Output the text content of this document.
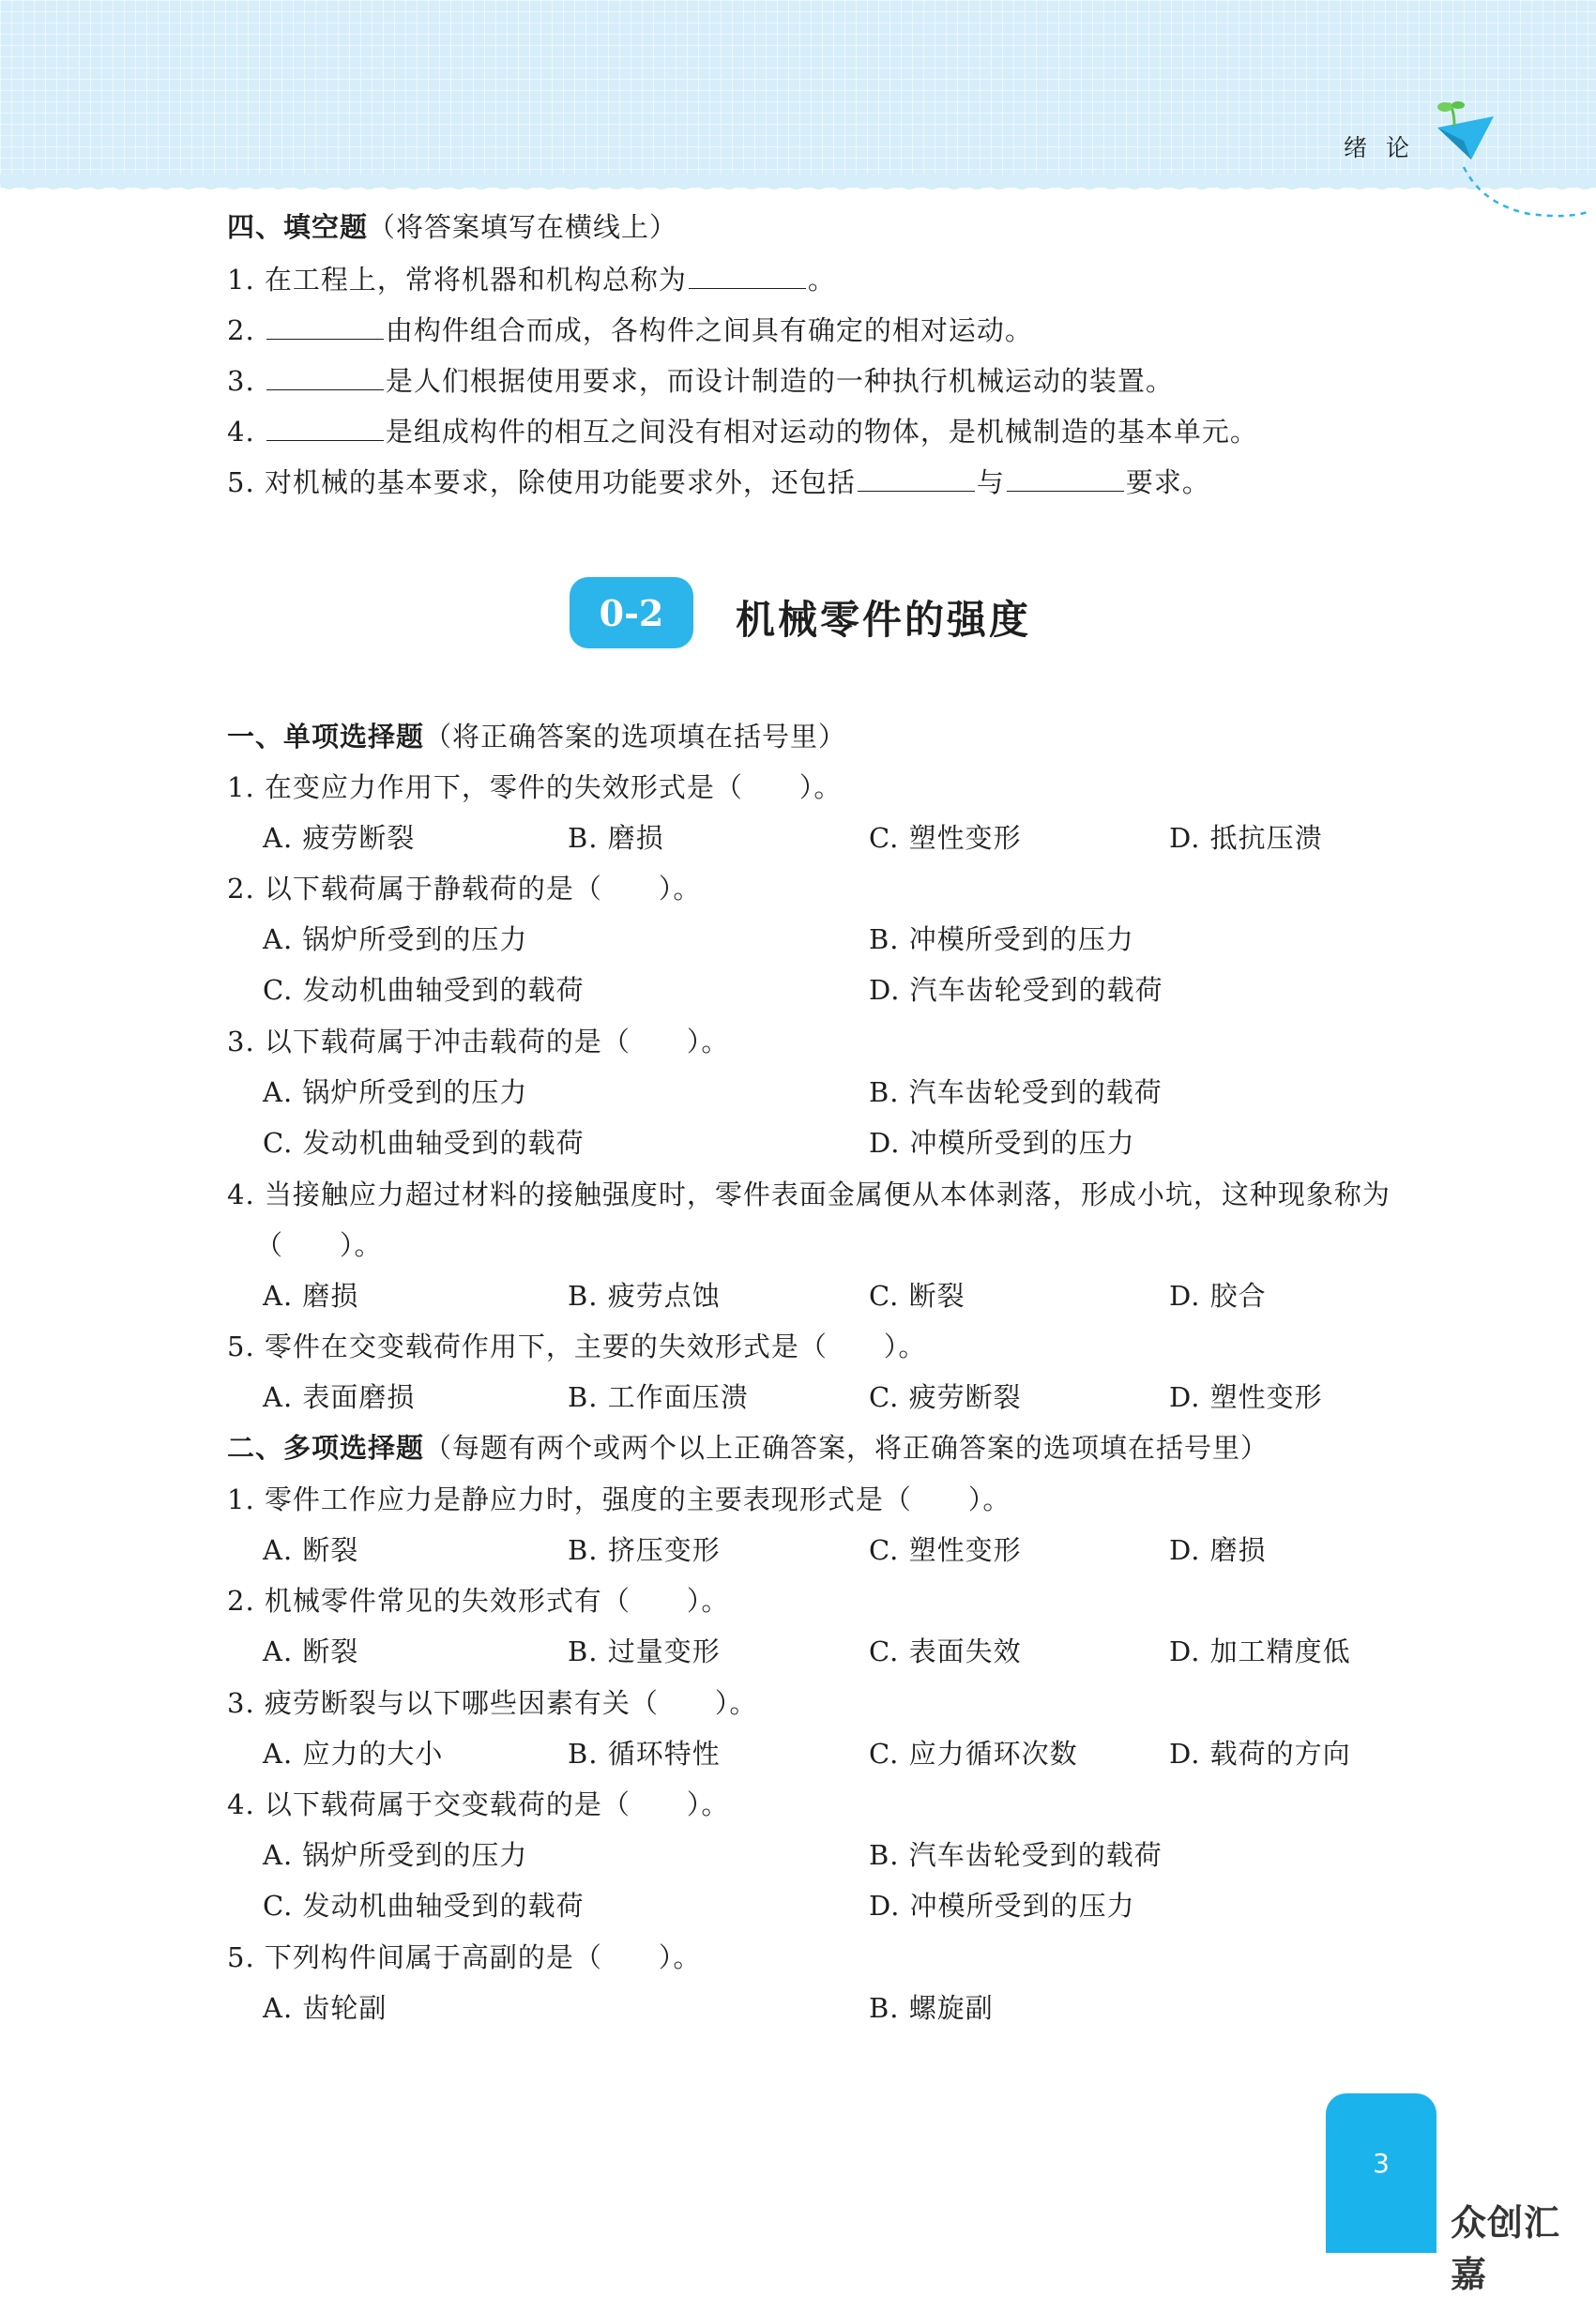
绪 论
四、填空题（将答案填写在横线上）
1. 在工程上，常将机器和机构总称为	。
2.	由构件组合而成，各构件之间具有确定的相对运动。
3.	是人们根据使用要求，而设计制造的一种执行机械运动的装置。
4.	是组成构件的相互之间没有相对运动的物体，是机械制造的基本单元。
5. 对机械的基本要求，除使用功能要求外，还包括	与	要求。
0-2	机械零件的强度
一、单项选择题（将正确答案的选项填在括号里）
1. 在变应力作用下，零件的失效形式是（　　）。
A. 疲劳断裂	B. 磨损	C. 塑性变形	D. 抵抗压溃
2. 以下载荷属于静载荷的是（　　）。
A. 锅炉所受到的压力	B. 冲模所受到的压力
C. 发动机曲轴受到的载荷	D. 汽车齿轮受到的载荷
3. 以下载荷属于冲击载荷的是（　　）。
A. 锅炉所受到的压力	B. 汽车齿轮受到的载荷
C. 发动机曲轴受到的载荷	D. 冲模所受到的压力
4. 当接触应力超过材料的接触强度时，零件表面金属便从本体剥落，形成小坑，这种现象称为
（　　）。
A. 磨损	B. 疲劳点蚀	C. 断裂	D. 胶合
5. 零件在交变载荷作用下，主要的失效形式是（　　）。
A. 表面磨损	B. 工作面压溃	C. 疲劳断裂	D. 塑性变形
二、多项选择题（每题有两个或两个以上正确答案，将正确答案的选项填在括号里）
1. 零件工作应力是静应力时，强度的主要表现形式是（　　）。
A. 断裂	B. 挤压变形	C. 塑性变形	D. 磨损
2. 机械零件常见的失效形式有（　　）。
A. 断裂	B. 过量变形	C. 表面失效	D. 加工精度低
3. 疲劳断裂与以下哪些因素有关（　　）。
A. 应力的大小	B. 循环特性	C. 应力循环次数	D. 载荷的方向
4. 以下载荷属于交变载荷的是（　　）。
A. 锅炉所受到的压力	B. 汽车齿轮受到的载荷
C. 发动机曲轴受到的载荷	D. 冲模所受到的压力
5. 下列构件间属于高副的是（　　）。
A. 齿轮副	B. 螺旋副
3
众创汇嘉
